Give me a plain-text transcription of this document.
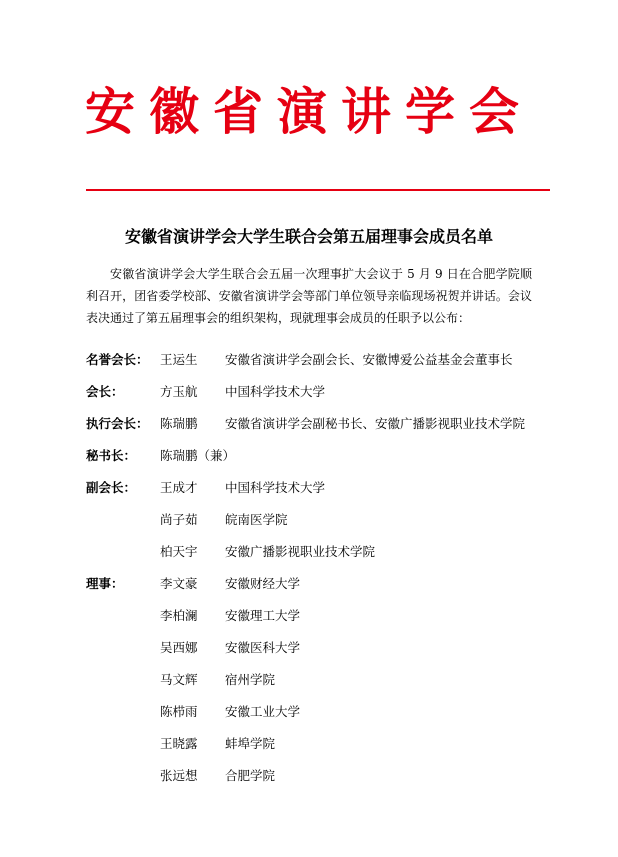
安徽省演讲学会
安徽省演讲学会大学生联合会第五届理事会成员名单
安徽省演讲学会大学生联合会五届一次理事扩大会议于 5 月 9 日在合肥学院顺利召开，团省委学校部、安徽省演讲学会等部门单位领导亲临现场祝贺并讲话。会议表决通过了第五届理事会的组织架构，现就理事会成员的任职予以公布：
名誉会长： 王运生 安徽省演讲学会副会长、安徽博爱公益基金会董事长
会长：	方玉航 中国科学技术大学
执行会长： 陈瑞鹏 安徽省演讲学会副秘书长、安徽广播影视职业技术学院
秘书长： 陈瑞鹏（兼）
副会长： 王成才 中国科学技术大学
尚子茹 皖南医学院
柏天宇 安徽广播影视职业技术学院
理事：	李文豪 安徽财经大学
李柏澜 安徽理工大学
吴西娜 安徽医科大学
马文辉 宿州学院
陈栉雨 安徽工业大学
王晓露 蚌埠学院
张远想 合肥学院
